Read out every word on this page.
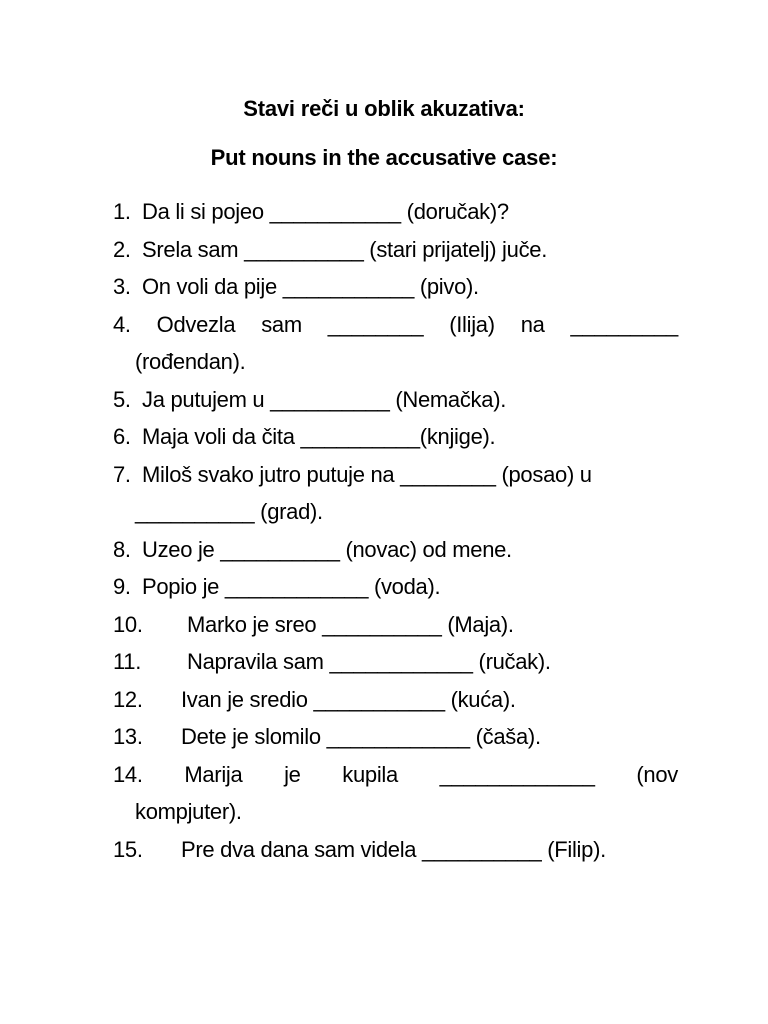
Stavi reči u oblik akuzativa:
Put nouns in the accusative case:
1. Da li si pojeo ___________ (doručak)?
2. Srela sam __________ (stari prijatelj) juče.
3. On voli da pije ___________ (pivo).
4. Odvezla sam ________ (Ilija) na _________
(rođendan).
5. Ja putujem u __________ (Nemačka).
6. Maja voli da čita __________(knjige).
7. Miloš svako jutro putuje na ________ (posao) u
__________ (grad).
8. Uzeo je __________ (novac) od mene.
9. Popio je ____________ (voda).
10. Marko je sreo __________ (Maja).
11. Napravila sam ____________ (ručak).
12. Ivan je sredio ___________ (kuća).
13. Dete je slomilo ____________ (čaša).
14. Marija je kupila _____________ (nov
kompjuter).
15. Pre dva dana sam videla __________ (Filip).
